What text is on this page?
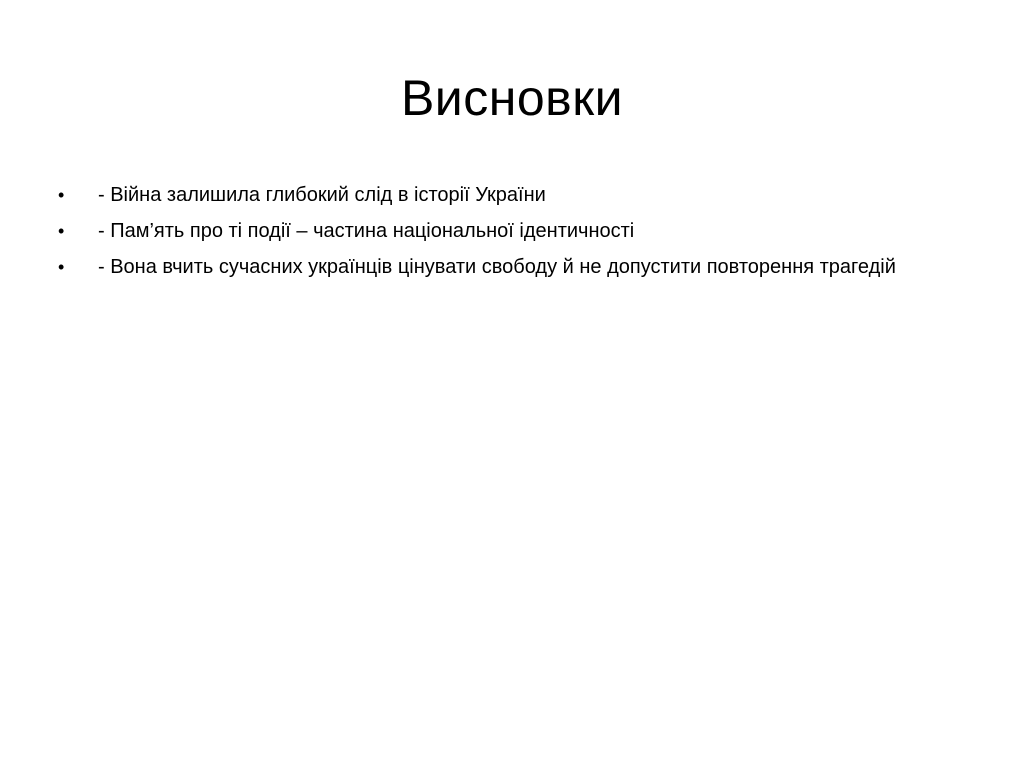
Висновки
•	- Війна залишила глибокий слід в історії України
•	- Пам’ять про ті події – частина національної ідентичності
•	- Вона вчить сучасних українців цінувати свободу й не допустити повторення трагедій
